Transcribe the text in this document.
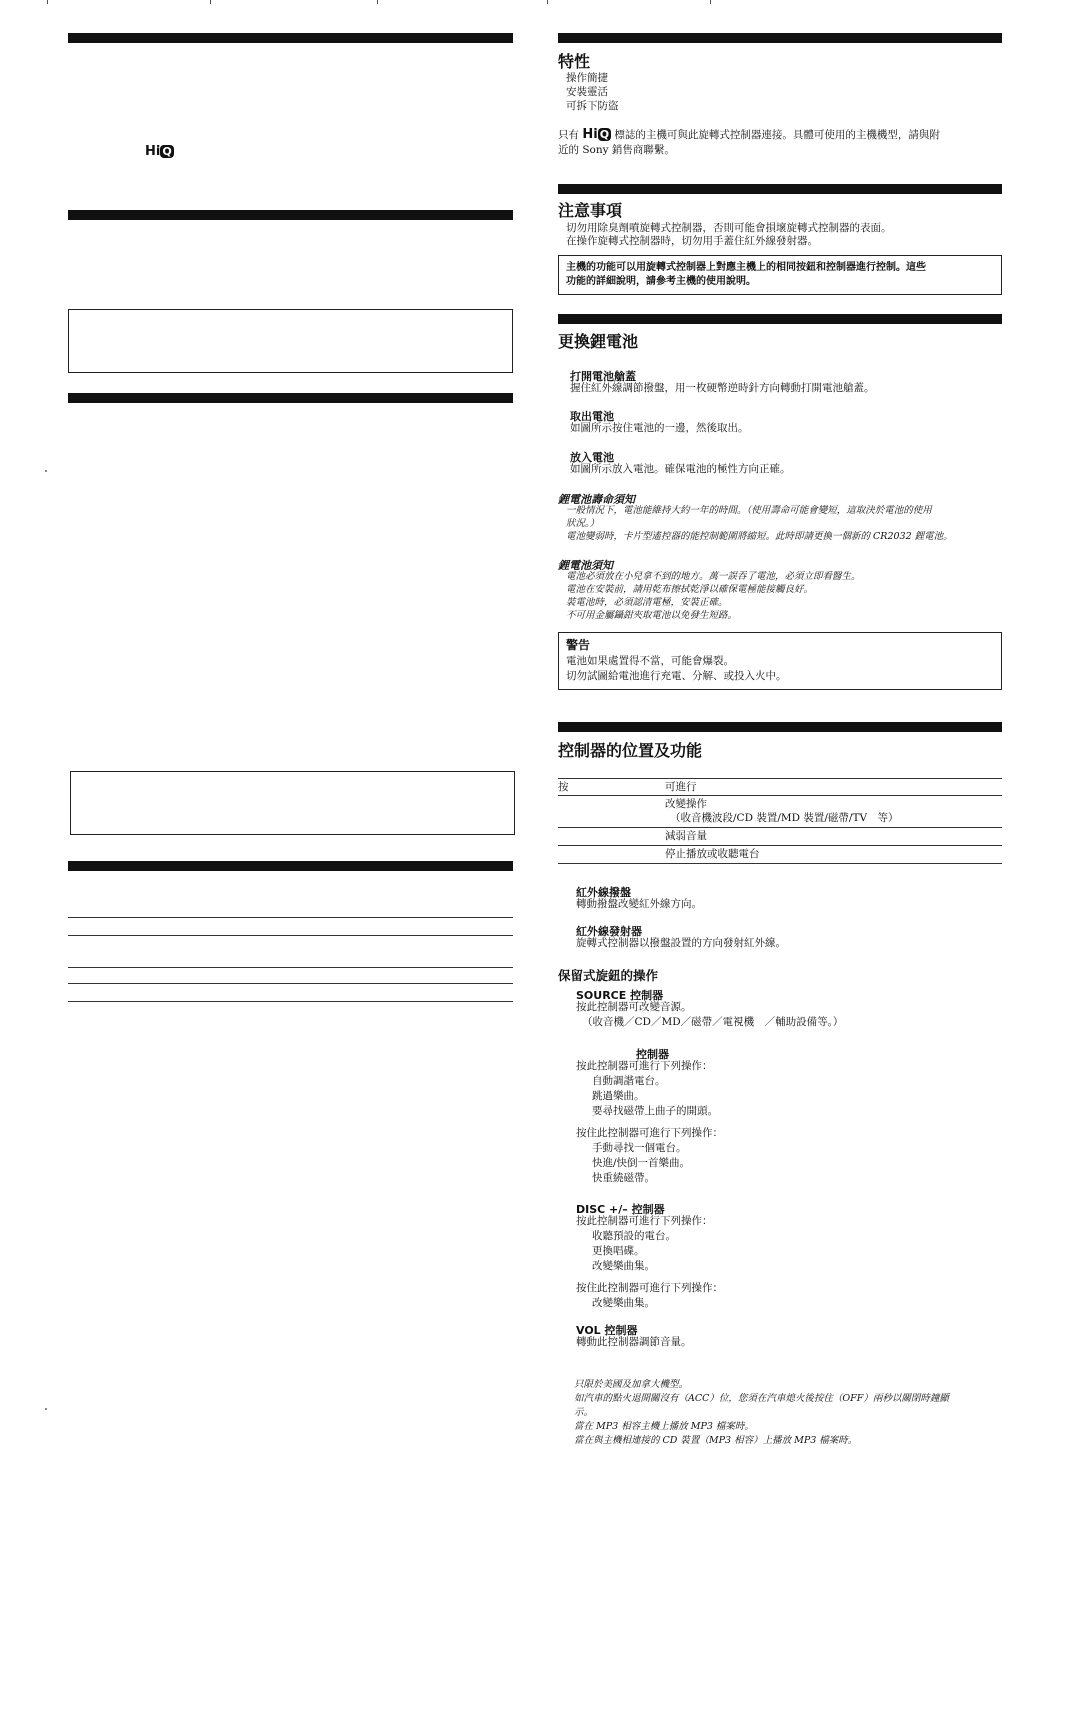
Hi Q
特性
操作簡捷
安裝靈活
可拆下防盜
只有 Hi Q 標誌的主機可與此旋轉式控制器連接。具體可使用的主機機型，請與附
近的 Sony 銷售商聯繫。
注意事項
切勿用除臭劑噴旋轉式控制器，否則可能會損壞旋轉式控制器的表面。
在操作旋轉式控制器時，切勿用手蓋住紅外線發射器。
主機的功能可以用旋轉式控制器上對應主機上的相同按鈕和控制器進行控制。這些
功能的詳細說明，請參考主機的使用說明。
更換鋰電池
打開電池艙蓋
握住紅外線調節撥盤，用一枚硬幣逆時針方向轉動打開電池艙蓋。
取出電池
如圖所示按住電池的一邊，然後取出。
放入電池
如圖所示放入電池。確保電池的極性方向正確。
鋰電池壽命須知
一般情況下，電池能維持大約一年的時間。（使用壽命可能會變短，這取決於電池的使用
狀況。）
電池變弱時，卡片型遙控器的能控制範圍將縮短。此時即請更換一個新的 CR2032 鋰電池。
鋰電池須知
電池必須放在小兒拿不到的地方。萬一誤吞了電池，必須立即看醫生。
電池在安裝前，請用乾布擦拭乾淨以確保電極能接觸良好。
裝電池時，必須認清電極，安裝正確。
不可用金屬鑷鉗夾取電池以免發生短路。
警告
電池如果處置得不當，可能會爆裂。
切勿試圖給電池進行充電、分解、或投入火中。
控制器的位置及功能
按	可進行
改變操作
（收音機波段/CD 裝置/MD 裝置/磁帶/TV　等）
減弱音量
停止播放或收聽電台
紅外線撥盤
轉動撥盤改變紅外線方向。
紅外線發射器
旋轉式控制器以撥盤設置的方向發射紅外線。
保留式旋鈕的操作
SOURCE 控制器
按此控制器可改變音源。
（收音機／CD／MD／磁帶／電視機　／輔助設備等。）
控制器
按此控制器可進行下列操作：
自動調諧電台。
跳過樂曲。
要尋找磁帶上曲子的開頭。
按住此控制器可進行下列操作：
手動尋找一個電台。
快進/快倒一首樂曲。
快重繞磁帶。
DISC +/– 控制器
按此控制器可進行下列操作：
收聽預設的電台。
更換唱碟。
改變樂曲集。
按住此控制器可進行下列操作：
改變樂曲集。
VOL 控制器
轉動此控制器調節音量。
只限於美國及加拿大機型。
如汽車的點火退開關沒有（ACC）位，您須在汽車熄火後按住（OFF）兩秒以關閉時鐘顯
示。
當在 MP3 相容主機上播放 MP3 檔案時。
當在與主機相連接的 CD 裝置（MP3 相容）上播放 MP3 檔案時。
